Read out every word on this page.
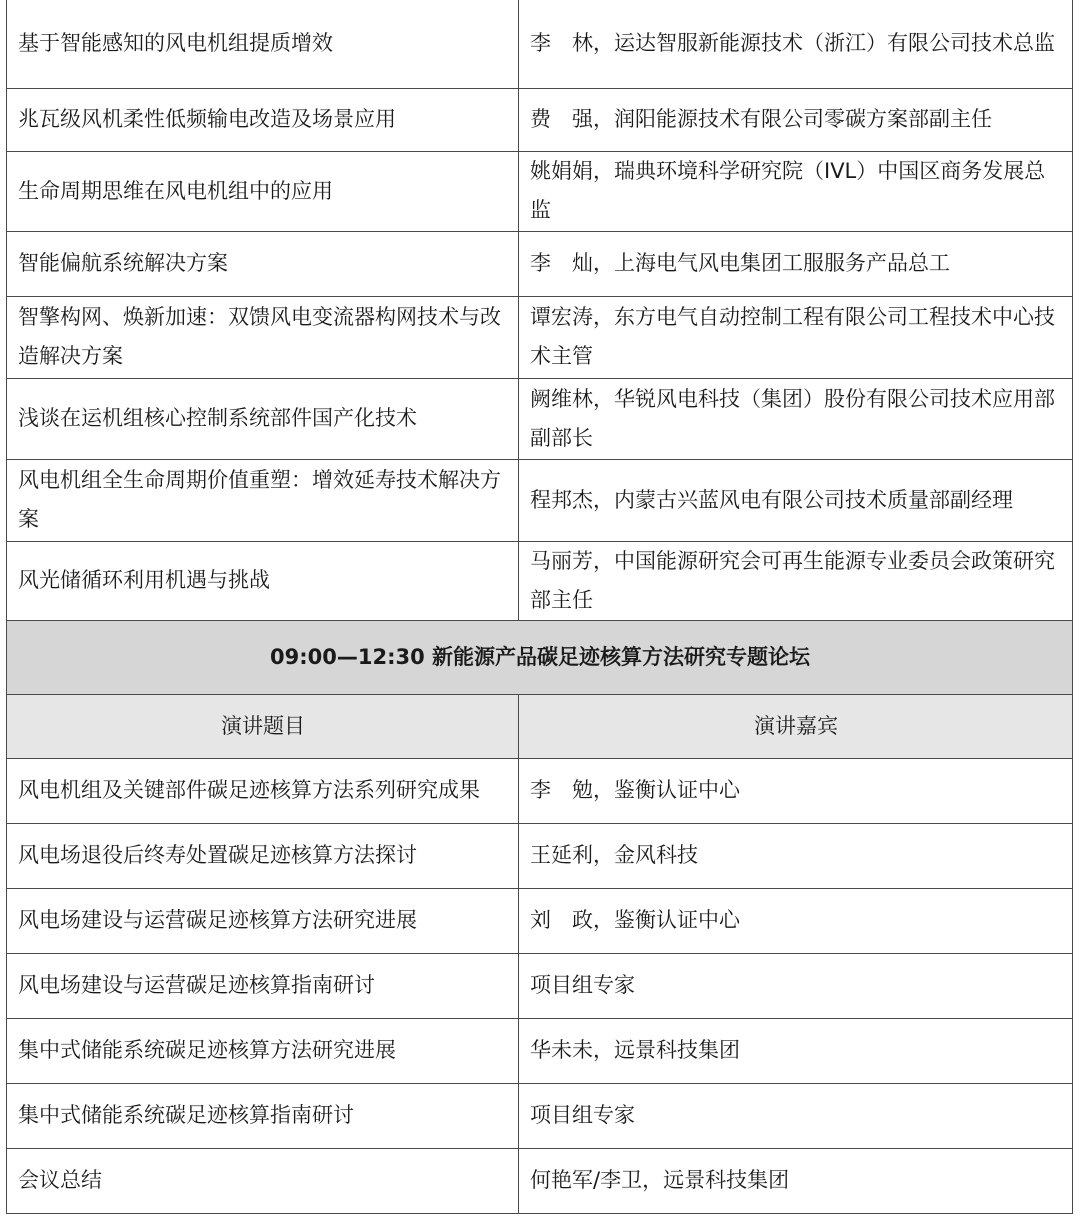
基于智能感知的风电机组提质增效	李　林，运达智服新能源技术（浙江）有限公司技术总监
兆瓦级风机柔性低频输电改造及场景应用	费　强，润阳能源技术有限公司零碳方案部副主任
生命周期思维在风电机组中的应用	姚娟娟，瑞典环境科学研究院（IVL）中国区商务发展总监
智能偏航系统解决方案	李　灿，上海电气风电集团工服服务产品总工
智擎构网、焕新加速：双馈风电变流器构网技术与改造解决方案	谭宏涛，东方电气自动控制工程有限公司工程技术中心技术主管
浅谈在运机组核心控制系统部件国产化技术	阙维林，华锐风电科技（集团）股份有限公司技术应用部副部长
风电机组全生命周期价值重塑：增效延寿技术解决方案	程邦杰，内蒙古兴蓝风电有限公司技术质量部副经理
风光储循环利用机遇与挑战	马丽芳，中国能源研究会可再生能源专业委员会政策研究部主任
09:00—12:30 新能源产品碳足迹核算方法研究专题论坛	
演讲题目	演讲嘉宾
风电机组及关键部件碳足迹核算方法系列研究成果	李　勉，鉴衡认证中心
风电场退役后终寿处置碳足迹核算方法探讨	王延利，金风科技
风电场建设与运营碳足迹核算方法研究进展	刘　政，鉴衡认证中心
风电场建设与运营碳足迹核算指南研讨	项目组专家
集中式储能系统碳足迹核算方法研究进展	华未未，远景科技集团
集中式储能系统碳足迹核算指南研讨	项目组专家
会议总结	何艳军/李卫，远景科技集团
